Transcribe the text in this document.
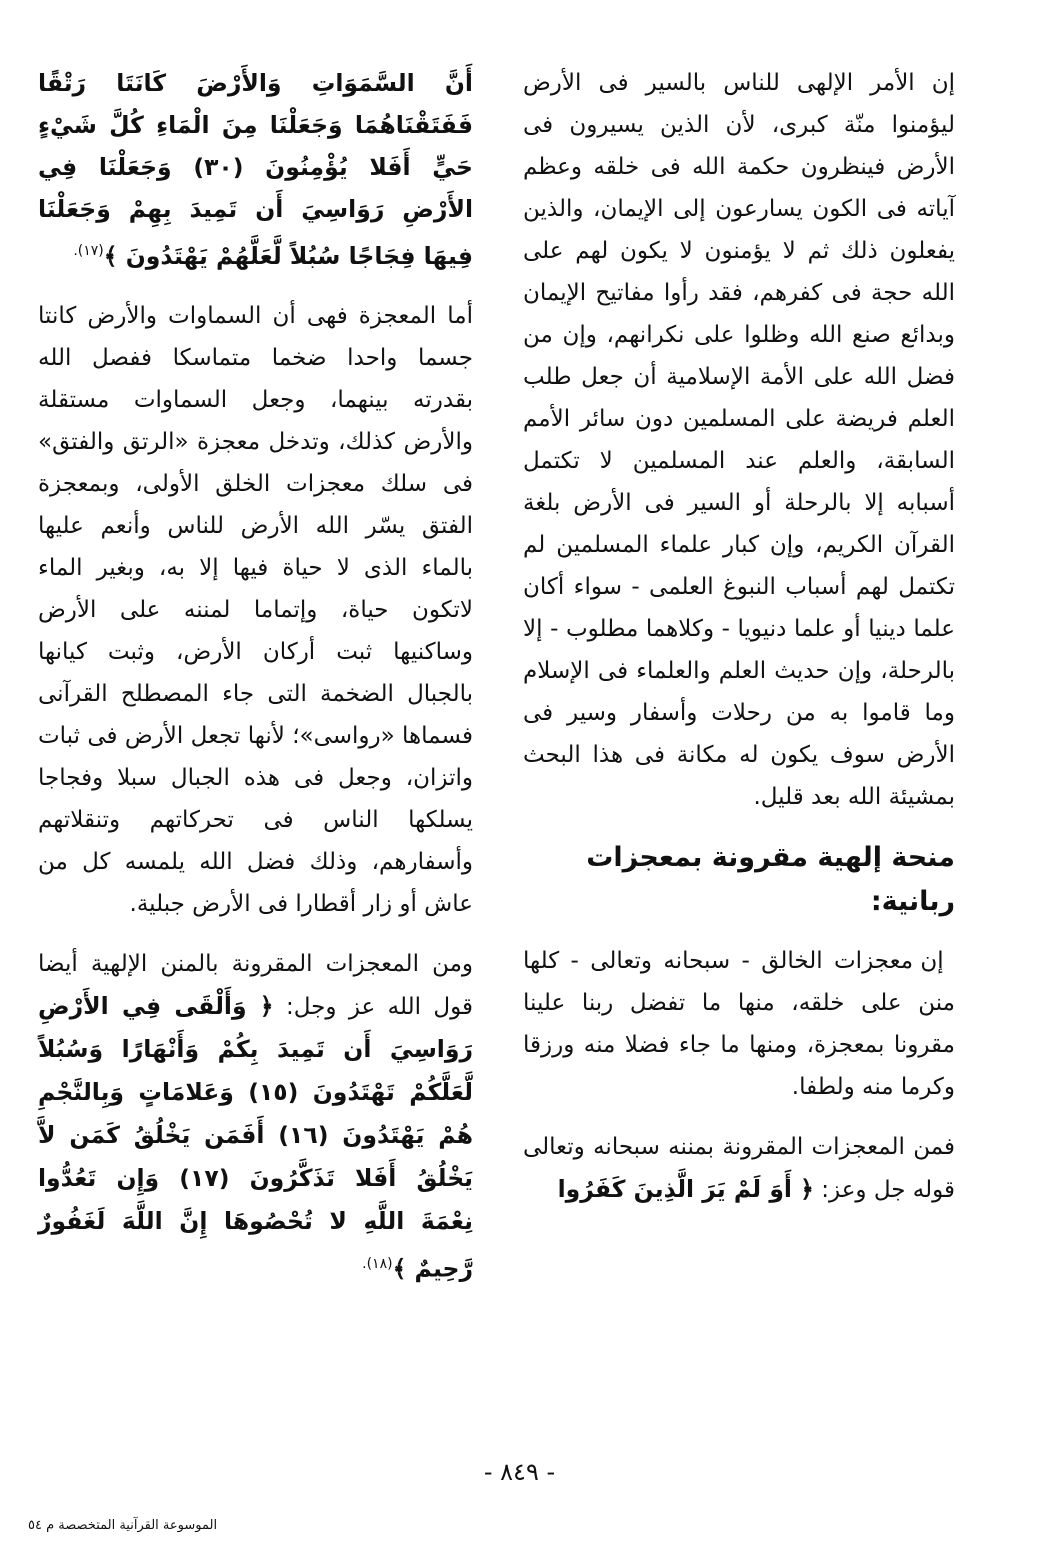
إن الأمر الإلهى للناس بالسير فى الأرض ليؤمنوا منّة كبرى، لأن الذين يسيرون فى الأرض فينظرون حكمة الله فى خلقه وعظم آياته فى الكون يسارعون إلى الإيمان، والذين يفعلون ذلك ثم لا يؤمنون لا يكون لهم على الله حجة فى كفرهم، فقد رأوا مفاتيح الإيمان وبدائع صنع الله وظلوا على نكرانهم، وإن من فضل الله على الأمة الإسلامية أن جعل طلب العلم فريضة على المسلمين دون سائر الأمم السابقة، والعلم عند المسلمين لا تكتمل أسبابه إلا بالرحلة أو السير فى الأرض بلغة القرآن الكريم، وإن كبار علماء المسلمين لم تكتمل لهم أسباب النبوغ العلمى - سواء أكان علما دينيا أو علما دنيويا - وكلاهما مطلوب - إلا بالرحلة، وإن حديث العلم والعلماء فى الإسلام وما قاموا به من رحلات وأسفار وسير فى الأرض سوف يكون له مكانة فى هذا البحث بمشيئة الله بعد قليل.

منحة إلهية مقرونة بمعجزات ربانية:

إن معجزات الخالق - سبحانه وتعالى - كلها منن على خلقه، منها ما تفضل ربنا علينا مقرونا بمعجزة، ومنها ما جاء فضلا منه ورزقا وكرما منه ولطفا.

فمن المعجزات المقرونة بمننه سبحانه وتعالى قوله جل وعز: ﴿ أَوَ لَمْ يَرَ الَّذِينَ كَفَرُوا

أَنَّ السَّمَوَاتِ وَالأَرْضَ كَانَتَا رَتْقًا فَفَتَقْنَاهُمَا وَجَعَلْنَا مِنَ الْمَاءِ كُلَّ شَيْءٍ حَيٍّ أَفَلا يُؤْمِنُونَ (٣٠) وَجَعَلْنَا فِي الأَرْضِ رَوَاسِيَ أَن تَمِيدَ بِهِمْ وَجَعَلْنَا فِيهَا فِجَاجًا سُبُلاً لَّعَلَّهُمْ يَهْتَدُونَ ﴾$^{(١٧).}$

أما المعجزة فهى أن السماوات والأرض كانتا جسما واحدا ضخما متماسكا ففصل الله بقدرته بينهما، وجعل السماوات مستقلة والأرض كذلك، وتدخل معجزة «الرتق والفتق» فى سلك معجزات الخلق الأولى، وبمعجزة الفتق يسّر الله الأرض للناس وأنعم عليها بالماء الذى لا حياة فيها إلا به، وبغير الماء لاتكون حياة، وإتماما لمننه على الأرض وساكنيها ثبت أركان الأرض، وثبت كيانها بالجبال الضخمة التى جاء المصطلح القرآنى فسماها «رواسى»؛ لأنها تجعل الأرض فى ثبات واتزان، وجعل فى هذه الجبال سبلا وفجاجا يسلكها الناس فى تحركاتهم وتنقلاتهم وأسفارهم، وذلك فضل الله يلمسه كل من عاش أو زار أقطارا فى الأرض جبلية.

ومن المعجزات المقرونة بالمنن الإلهية أيضا قول الله عز وجل: ﴿ وَأَلْقَى فِي الأَرْضِ رَوَاسِيَ أَن تَمِيدَ بِكُمْ وَأَنْهَارًا وَسُبُلاً لَّعَلَّكُمْ تَهْتَدُونَ (١٥) وَعَلامَاتٍ وَبِالنَّجْمِ هُمْ يَهْتَدُونَ (١٦) أَفَمَن يَخْلُقُ كَمَن لاَّ يَخْلُقُ أَفَلا تَذَكَّرُونَ (١٧) وَإِن تَعُدُّوا نِعْمَةَ اللَّهِ لا تُحْصُوهَا إِنَّ اللَّهَ لَغَفُورٌ رَّحِيمٌ ﴾$^{(١٨).}$

- ٨٤٩ -
الموسوعة القرآنية المتخصصة م ٥٤
